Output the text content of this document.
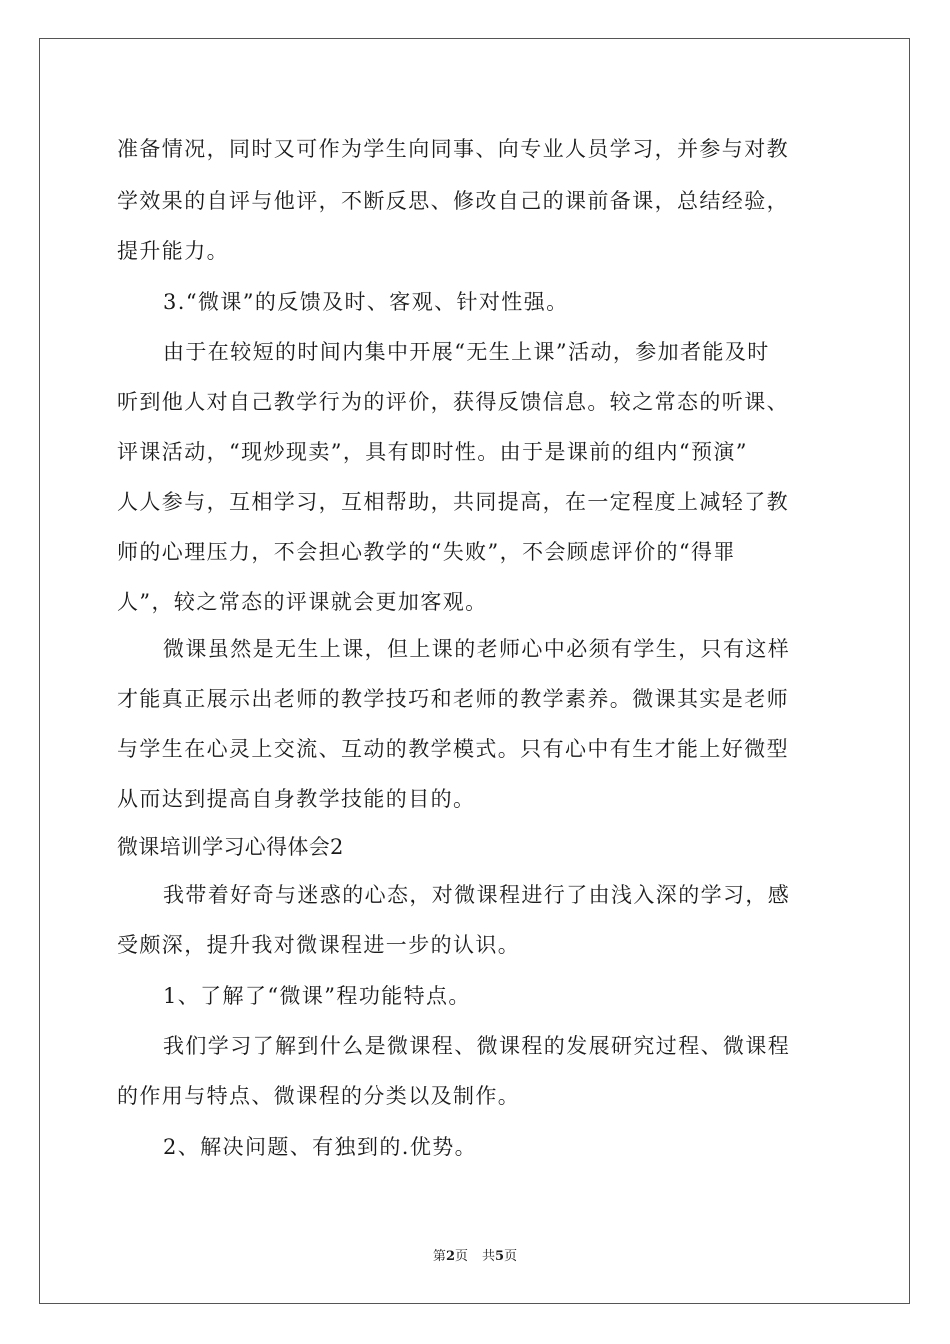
准备情况，同时又可作为学生向同事、向专业人员学习，并参与对教
学效果的自评与他评，不断反思、修改自己的课前备课，总结经验，
提升能力。
3.“微课”的反馈及时、客观、针对性强。
由于在较短的时间内集中开展“无生上课”活动，参加者能及时
听到他人对自己教学行为的评价，获得反馈信息。较之常态的听课、
评课活动，“现炒现卖”，具有即时性。由于是课前的组内“预演”
人人参与，互相学习，互相帮助，共同提高，在一定程度上减轻了教
师的心理压力，不会担心教学的“失败”，不会顾虑评价的“得罪
人”，较之常态的评课就会更加客观。
微课虽然是无生上课，但上课的老师心中必须有学生，只有这样
才能真正展示出老师的教学技巧和老师的教学素养。微课其实是老师
与学生在心灵上交流、互动的教学模式。只有心中有生才能上好微型
从而达到提高自身教学技能的目的。
微课培训学习心得体会2
我带着好奇与迷惑的心态，对微课程进行了由浅入深的学习，感
受颇深，提升我对微课程进一步的认识。
1、了解了“微课”程功能特点。
我们学习了解到什么是微课程、微课程的发展研究过程、微课程
的作用与特点、微课程的分类以及制作。
2、解决问题、有独到的.优势。
第2页 共5页
